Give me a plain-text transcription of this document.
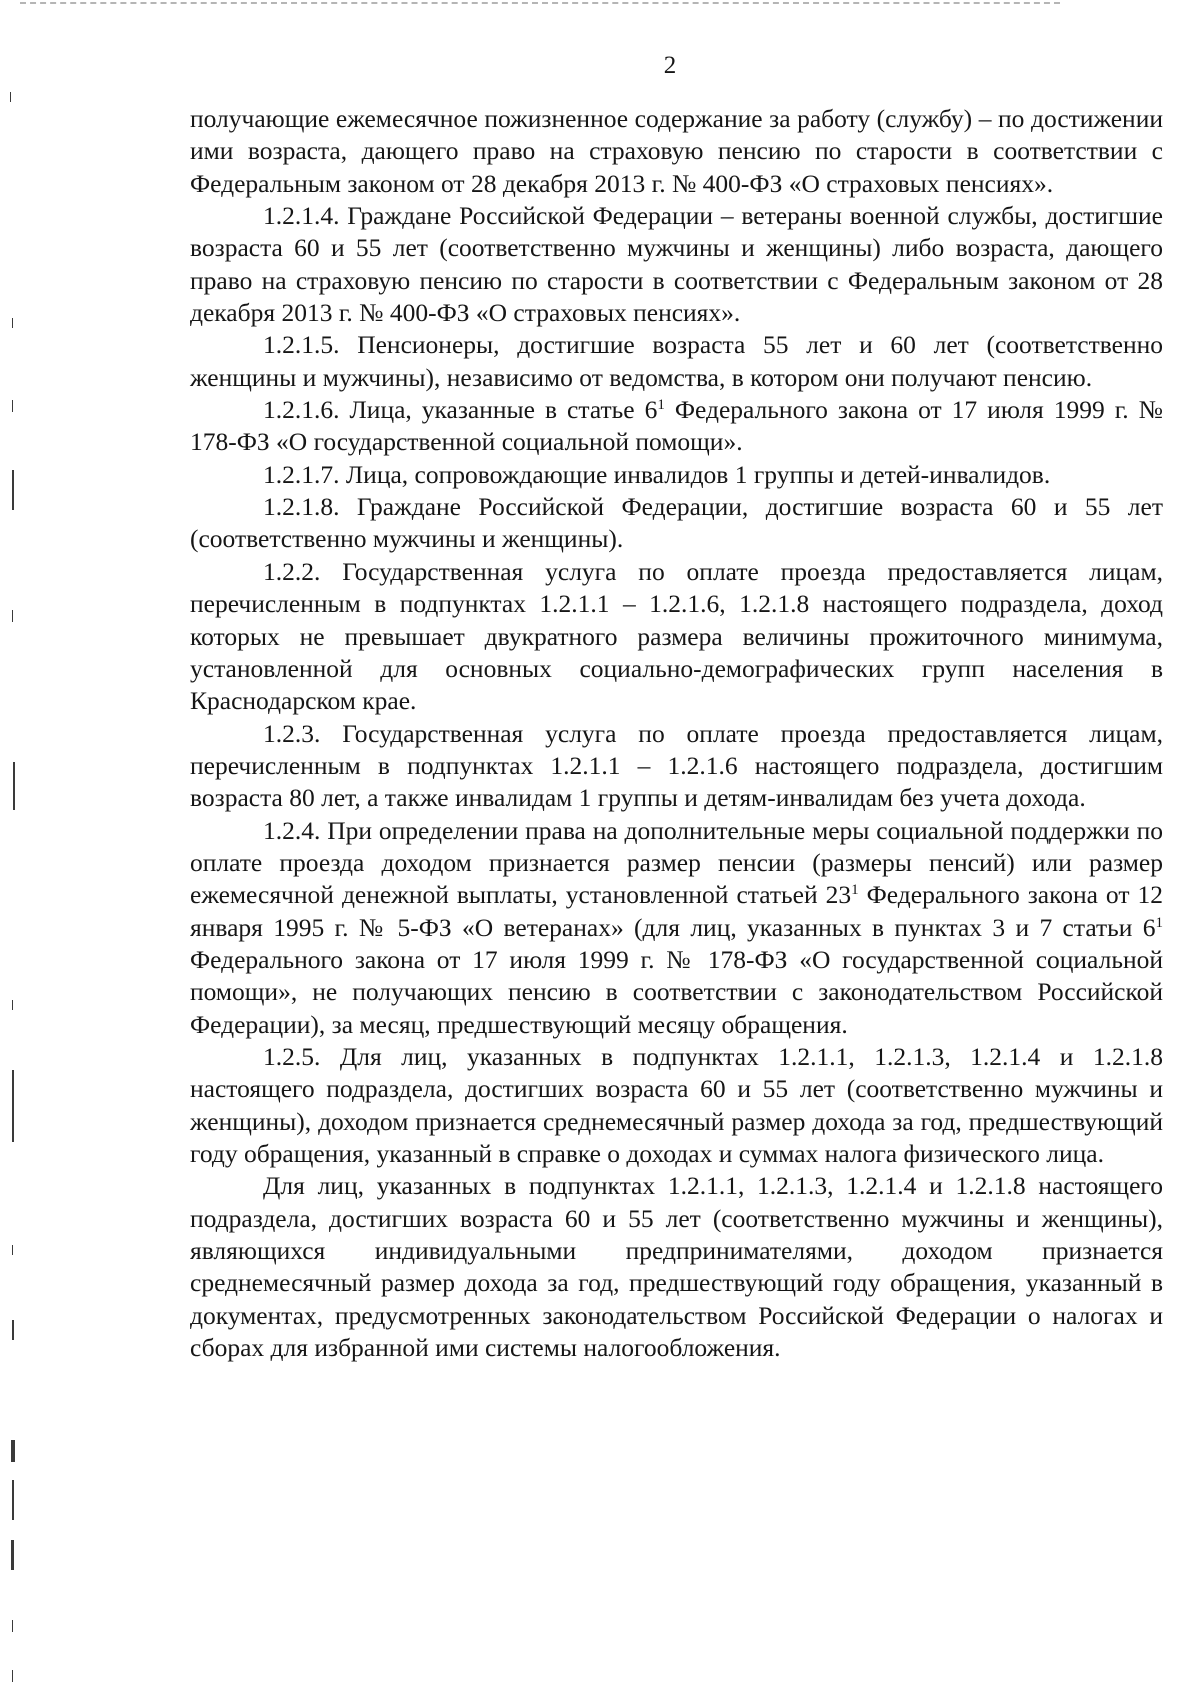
2

получающие ежемесячное пожизненное содержание за работу (службу) – по достижении ими возраста, дающего право на страховую пенсию по старости в соответствии с Федеральным законом от 28 декабря 2013 г. № 400-ФЗ «О страховых пенсиях».

1.2.1.4. Граждане Российской Федерации – ветераны военной службы, достигшие возраста 60 и 55 лет (соответственно мужчины и женщины) либо возраста, дающего право на страховую пенсию по старости в соответствии с Федеральным законом от 28 декабря 2013 г. № 400-ФЗ «О страховых пенсиях».

1.2.1.5. Пенсионеры, достигшие возраста 55 лет и 60 лет (соответственно женщины и мужчины), независимо от ведомства, в котором они получают пенсию.

1.2.1.6. Лица, указанные в статье $6^1$ Федерального закона от 17 июля 1999 г. № 178-ФЗ «О государственной социальной помощи».

1.2.1.7. Лица, сопровождающие инвалидов 1 группы и детей-инвалидов.

1.2.1.8. Граждане Российской Федерации, достигшие возраста 60 и 55 лет (соответственно мужчины и женщины).

1.2.2. Государственная услуга по оплате проезда предоставляется лицам, перечисленным в подпунктах 1.2.1.1 – 1.2.1.6, 1.2.1.8 настоящего подраздела, доход которых не превышает двукратного размера величины прожиточного минимума, установленной для основных социально-демографических групп населения в Краснодарском крае.

1.2.3. Государственная услуга по оплате проезда предоставляется лицам, перечисленным в подпунктах 1.2.1.1 – 1.2.1.6 настоящего подраздела, достигшим возраста 80 лет, а также инвалидам 1 группы и детям-инвалидам без учета дохода.

1.2.4. При определении права на дополнительные меры социальной поддержки по оплате проезда доходом признается размер пенсии (размеры пенсий) или размер ежемесячной денежной выплаты, установленной статьей $23^1$ Федерального закона от 12 января 1995 г. № 5-ФЗ «О ветеранах» (для лиц, указанных в пунктах 3 и 7 статьи $6^1$ Федерального закона от 17 июля 1999 г. № 178-ФЗ «О государственной социальной помощи», не получающих пенсию в соответствии с законодательством Российской Федерации), за месяц, предшествующий месяцу обращения.

1.2.5. Для лиц, указанных в подпунктах 1.2.1.1, 1.2.1.3, 1.2.1.4 и 1.2.1.8 настоящего подраздела, достигших возраста 60 и 55 лет (соответственно мужчины и женщины), доходом признается среднемесячный размер дохода за год, предшествующий году обращения, указанный в справке о доходах и суммах налога физического лица.

Для лиц, указанных в подпунктах 1.2.1.1, 1.2.1.3, 1.2.1.4 и 1.2.1.8 настоящего подраздела, достигших возраста 60 и 55 лет (соответственно мужчины и женщины), являющихся индивидуальными предпринимателями, доходом признается среднемесячный размер дохода за год, предшествующий году обращения, указанный в документах, предусмотренных законодательством Российской Федерации о налогах и сборах для избранной ими системы налогообложения.
